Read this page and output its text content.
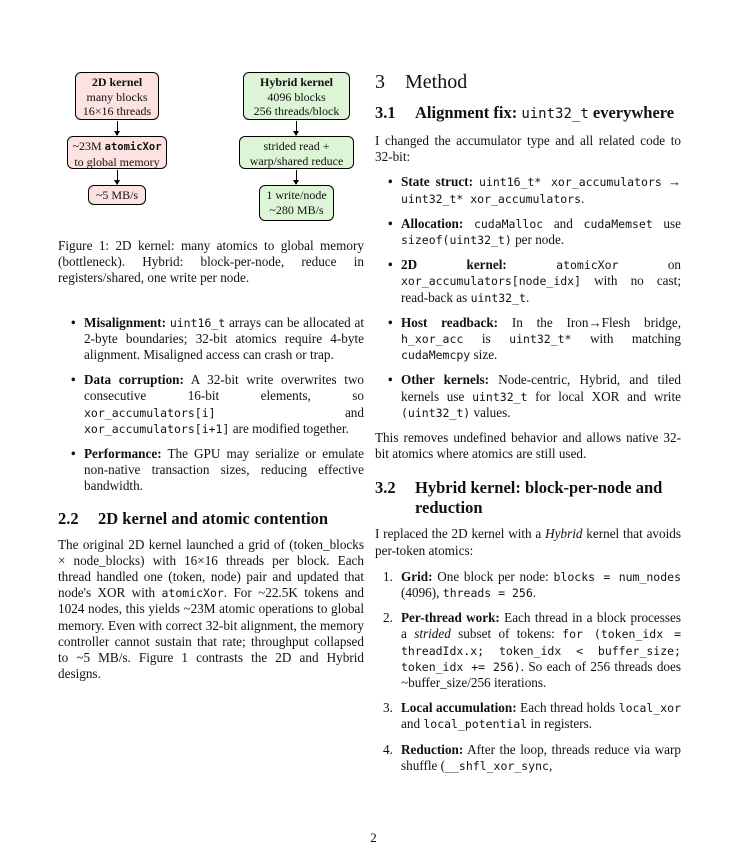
2D kernel
many blocks
16×16 threads
~23M atomicXor
to global memory
~5 MB/s
Hybrid kernel
4096 blocks
256 threads/block
strided read +
warp/shared reduce
1 write/node
~280 MB/s

Figure 1: 2D kernel: many atomics to global memory (bottleneck). Hybrid: block-per-node, reduce in registers/shared, one write per node.

• Misalignment: uint16_t arrays can be allocated at 2-byte boundaries; 32-bit atomics require 4-byte alignment. Misaligned access can crash or trap.
• Data corruption: A 32-bit write overwrites two consecutive 16-bit elements, so xor_accumulators[i] and xor_accumulators[i+1] are modified together.
• Performance: The GPU may serialize or emulate non-native transaction sizes, reducing effective bandwidth.
2.2	2D kernel and atomic contention

The original 2D kernel launched a grid of (token_blocks × node_blocks) with 16×16 threads per block. Each thread handled one (token, node) pair and updated that node's XOR with atomicXor. For ~22.5K tokens and 1024 nodes, this yields ~23M atomic operations to global memory. Even with correct 32-bit alignment, the memory controller cannot sustain that rate; throughput collapsed to ~5 MB/s. Figure 1 contrasts the 2D and Hybrid designs.

3	Method
3.1	Alignment fix: uint32_t everywhere

I changed the accumulator type and all related code to 32-bit:

• State struct: uint16_t* xor_accumulators → uint32_t* xor_accumulators.
• Allocation: cudaMalloc and cudaMemset use sizeof(uint32_t) per node.
• 2D kernel:	atomicXor on xor_accumulators[node_idx] with no cast; read-back as uint32_t.
• Host readback: In the Iron→Flesh bridge, h_xor_acc is uint32_t* with matching cudaMemcpy size.
• Other kernels: Node-centric, Hybrid, and tiled kernels use uint32_t for local XOR and write (uint32_t) values.

This removes undefined behavior and allows native 32-bit atomics where atomics are still used.

3.2	Hybrid kernel: block-per-node and reduction

I replaced the 2D kernel with a Hybrid kernel that avoids per-token atomics:

1. Grid: One block per node: blocks = num_nodes (4096), threads = 256.
2. Per-thread work: Each thread in a block processes a strided subset of tokens: for (token_idx = threadIdx.x; token_idx < buffer_size; token_idx += 256). So each of 256 threads does ~buffer_size/256 iterations.
3. Local accumulation: Each thread holds local_xor and local_potential in registers.
4. Reduction: After the loop, threads reduce via warp shuffle (__shfl_xor_sync,
2
